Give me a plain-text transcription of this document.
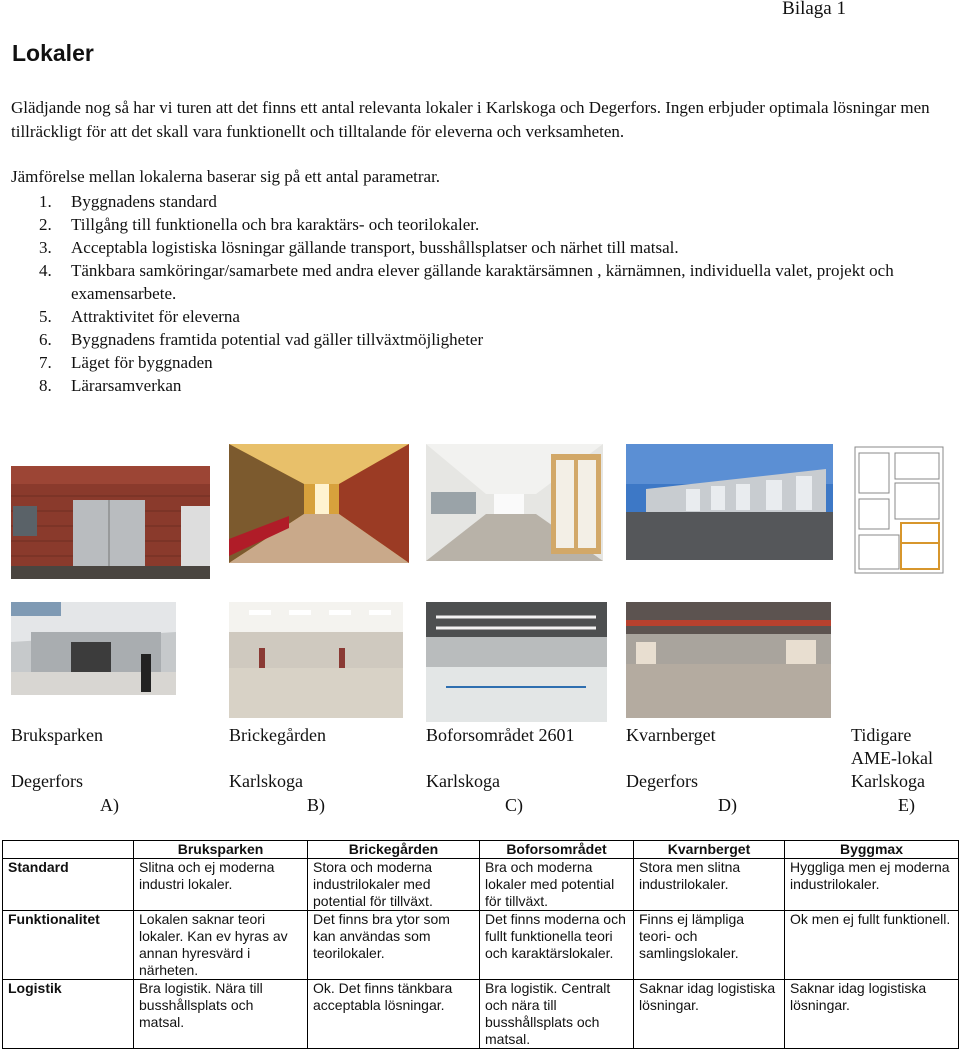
Bilaga 1
Lokaler
Glädjande nog så har vi turen att det finns ett antal relevanta lokaler i Karlskoga och Degerfors. Ingen erbjuder optimala lösningar men tillräckligt för att det skall vara funktionellt och tilltalande för eleverna och verksamheten.
Jämförelse mellan lokalerna baserar sig på ett antal parametrar.
1. Byggnadens standard
2. Tillgång till funktionella och bra karaktärs- och teorilokaler.
3. Acceptabla logistiska lösningar gällande transport, busshållsplatser och närhet till matsal.
4. Tänkbara samköringar/samarbete med andra elever gällande karaktärsämnen , kärnämnen, individuella valet, projekt och examensarbete.
5. Attraktivitet för eleverna
6. Byggnadens framtida potential vad gäller tillväxtmöjligheter
7. Läget för byggnaden
8. Lärarsamverkan
Bruksparken
Degerfors
A)
Brickegården
Karlskoga
B)
Boforsområdet 2601
Karlskoga
C)
Kvarnberget
Degerfors
D)
Tidigare
AME-lokal
Karlskoga
E)
	Bruksparken	Brickegården	Boforsområdet	Kvarnberget	Byggmax
Standard	Slitna och ej moderna industri lokaler.	Stora och moderna industrilokaler med potential för tillväxt.	Bra och moderna lokaler med potential för tillväxt.	Stora men slitna industrilokaler.	Hyggliga men ej moderna industrilokaler.
Funktionalitet	Lokalen saknar teori lokaler. Kan ev hyras av annan hyresvärd i närheten.	Det finns bra ytor som kan användas som teorilokaler.	Det finns moderna och fullt funktionella teori och karaktärslokaler.	Finns ej lämpliga teori- och samlingslokaler.	Ok men ej fullt funktionell.
Logistik	Bra logistik. Nära till busshållsplats och matsal.	Ok. Det finns tänkbara acceptabla lösningar.	Bra logistik. Centralt och nära till busshållsplats och matsal.	Saknar idag logistiska lösningar.	Saknar idag logistiska lösningar.
